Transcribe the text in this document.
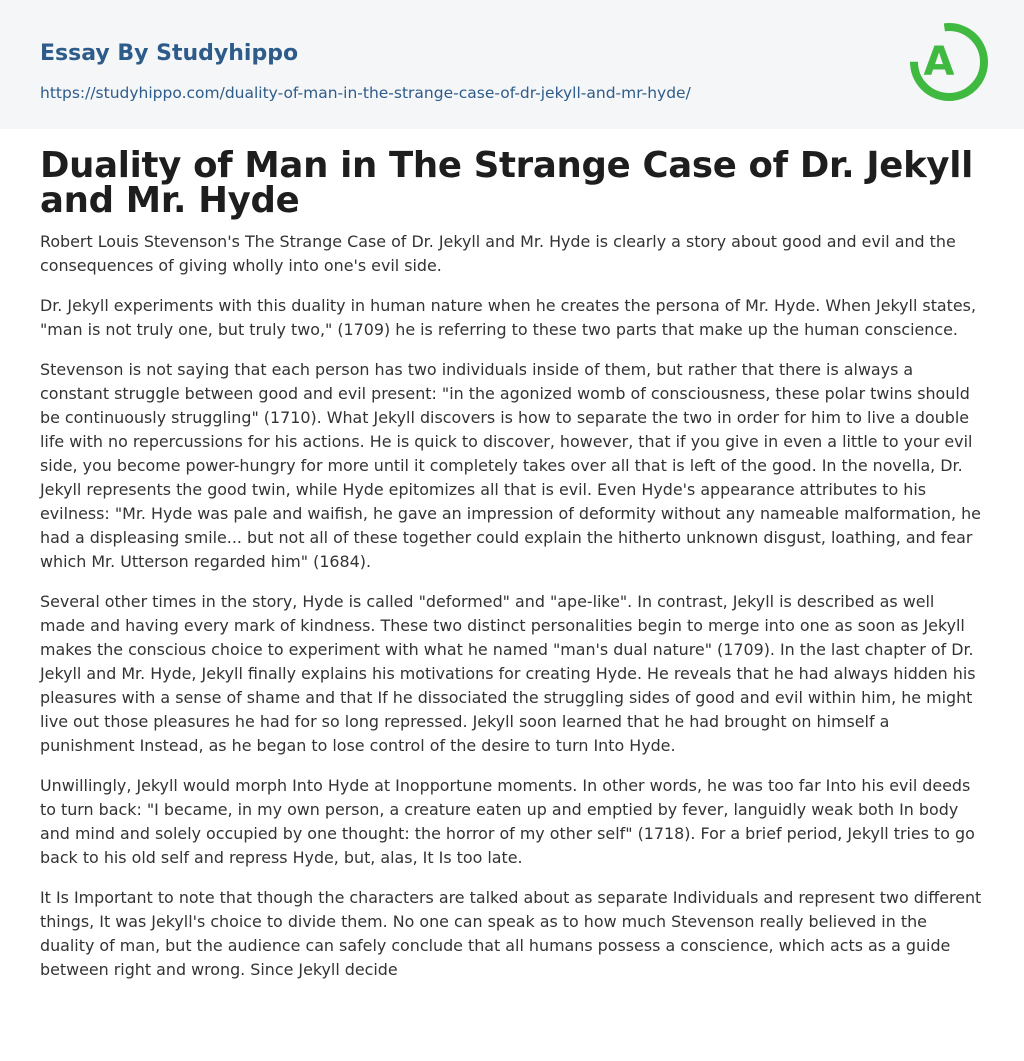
Essay By Studyhippo
https://studyhippo.com/duality-of-man-in-the-strange-case-of-dr-jekyll-and-mr-hyde/
A
Duality of Man in The Strange Case of Dr. Jekyll and Mr. Hyde

Robert Louis Stevenson's The Strange Case of Dr. Jekyll and Mr. Hyde is clearly a story about good and evil and the consequences of giving wholly into one's evil side.

Dr. Jekyll experiments with this duality in human nature when he creates the persona of Mr. Hyde. When Jekyll states, "man is not truly one, but truly two," (1709) he is referring to these two parts that make up the human conscience.

Stevenson is not saying that each person has two individuals inside of them, but rather that there is always a constant struggle between good and evil present: "in the agonized womb of consciousness, these polar twins should be continuously struggling" (1710). What Jekyll discovers is how to separate the two in order for him to live a double life with no repercussions for his actions. He is quick to discover, however, that if you give in even a little to your evil side, you become power-hungry for more until it completely takes over all that is left of the good. In the novella, Dr. Jekyll represents the good twin, while Hyde epitomizes all that is evil. Even Hyde's appearance attributes to his evilness: "Mr. Hyde was pale and waifish, he gave an impression of deformity without any nameable malformation, he had a displeasing smile... but not all of these together could explain the hitherto unknown disgust, loathing, and fear which Mr. Utterson regarded him" (1684).

Several other times in the story, Hyde is called "deformed" and "ape-like". In contrast, Jekyll is described as well made and having every mark of kindness. These two distinct personalities begin to merge into one as soon as Jekyll makes the conscious choice to experiment with what he named "man's dual nature" (1709). In the last chapter of Dr. Jekyll and Mr. Hyde, Jekyll finally explains his motivations for creating Hyde. He reveals that he had always hidden his pleasures with a sense of shame and that If he dissociated the struggling sides of good and evil within him, he might live out those pleasures he had for so long repressed. Jekyll soon learned that he had brought on himself a punishment Instead, as he began to lose control of the desire to turn Into Hyde.

Unwillingly, Jekyll would morph Into Hyde at Inopportune moments. In other words, he was too far Into his evil deeds to turn back: "I became, in my own person, a creature eaten up and emptied by fever, languidly weak both In body and mind and solely occupied by one thought: the horror of my other self" (1718). For a brief period, Jekyll tries to go back to his old self and repress Hyde, but, alas, It Is too late.

It Is Important to note that though the characters are talked about as separate Individuals and represent two different things, It was Jekyll's choice to divide them. No one can speak as to how much Stevenson really believed in the duality of man, but the audience can safely conclude that all humans possess a conscience, which acts as a guide between right and wrong. Since Jekyll decide
